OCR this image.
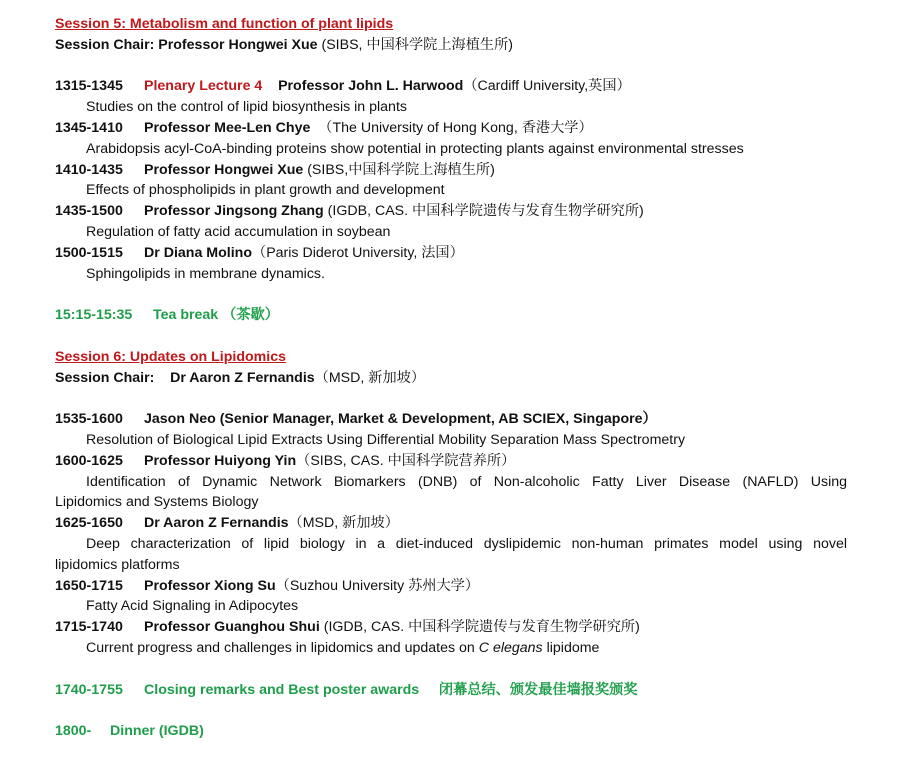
Session 5: Metabolism and function of plant lipids
Session Chair: Professor Hongwei Xue (SIBS, 中国科学院上海植生所)
1315-1345 Plenary Lecture 4 Professor John L. Harwood（Cardiff University,英国）
Studies on the control of lipid biosynthesis in plants
1345-1410 Professor Mee-Len Chye （The University of Hong Kong, 香港大学）
Arabidopsis acyl-CoA-binding proteins show potential in protecting plants against environmental stresses
1410-1435 Professor Hongwei Xue (SIBS,中国科学院上海植生所)
Effects of phospholipids in plant growth and development
1435-1500 Professor Jingsong Zhang (IGDB, CAS. 中国科学院遗传与发育生物学研究所)
Regulation of fatty acid accumulation in soybean
1500-1515 Dr Diana Molino（Paris Diderot University, 法国）
Sphingolipids in membrane dynamics.
15:15-15:35 Tea break （茶歇）
Session 6: Updates on Lipidomics
Session Chair: Dr Aaron Z Fernandis（MSD, 新加坡）
1535-1600 Jason Neo (Senior Manager, Market & Development, AB SCIEX, Singapore）
Resolution of Biological Lipid Extracts Using Differential Mobility Separation Mass Spectrometry
1600-1625 Professor Huiyong Yin（SIBS, CAS. 中国科学院营养所）
Identification of Dynamic Network Biomarkers (DNB) of Non-alcoholic Fatty Liver Disease (NAFLD) Using
Lipidomics and Systems Biology
1625-1650 Dr Aaron Z Fernandis（MSD, 新加坡）
Deep characterization of lipid biology in a diet-induced dyslipidemic non-human primates model using novel
lipidomics platforms
1650-1715 Professor Xiong Su（Suzhou University 苏州大学）
Fatty Acid Signaling in Adipocytes
1715-1740 Professor Guanghou Shui (IGDB, CAS. 中国科学院遗传与发育生物学研究所)
Current progress and challenges in lipidomics and updates on C elegans lipidome
1740-1755 Closing remarks and Best poster awards 闭幕总结、颁发最佳墙报奖颁奖
1800- Dinner (IGDB)
